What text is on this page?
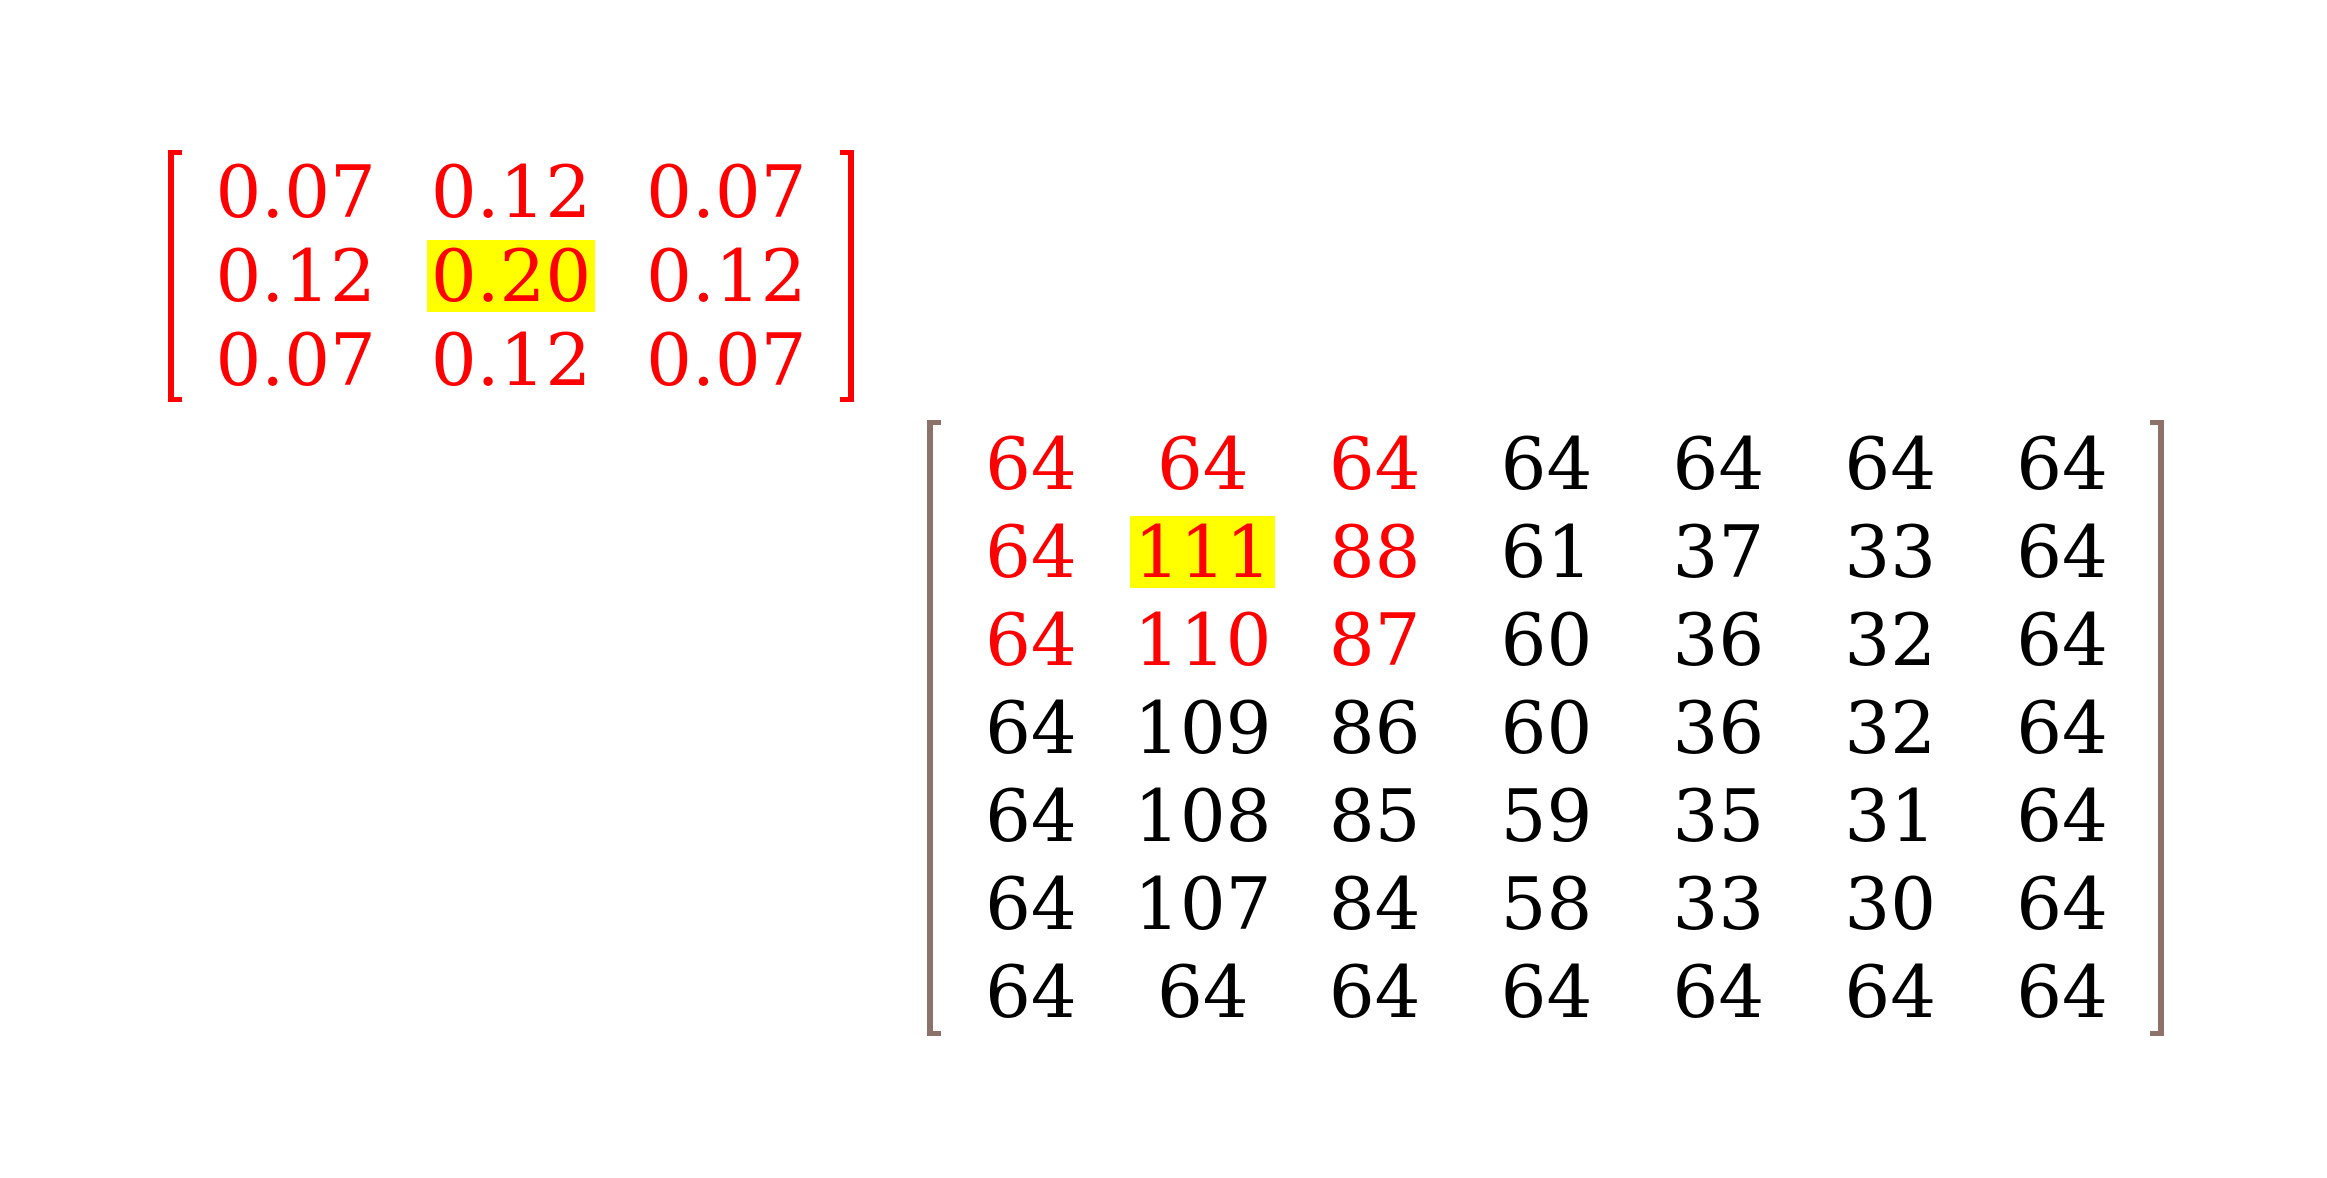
0.07 0.12 0.07
0.12 0.20 0.12
0.07 0.12 0.07
64 64 64 64 64 64 64
64 111 88 61 37 33 64
64 110 87 60 36 32 64
64 109 86 60 36 32 64
64 108 85 59 35 31 64
64 107 84 58 33 30 64
64 64 64 64 64 64 64
